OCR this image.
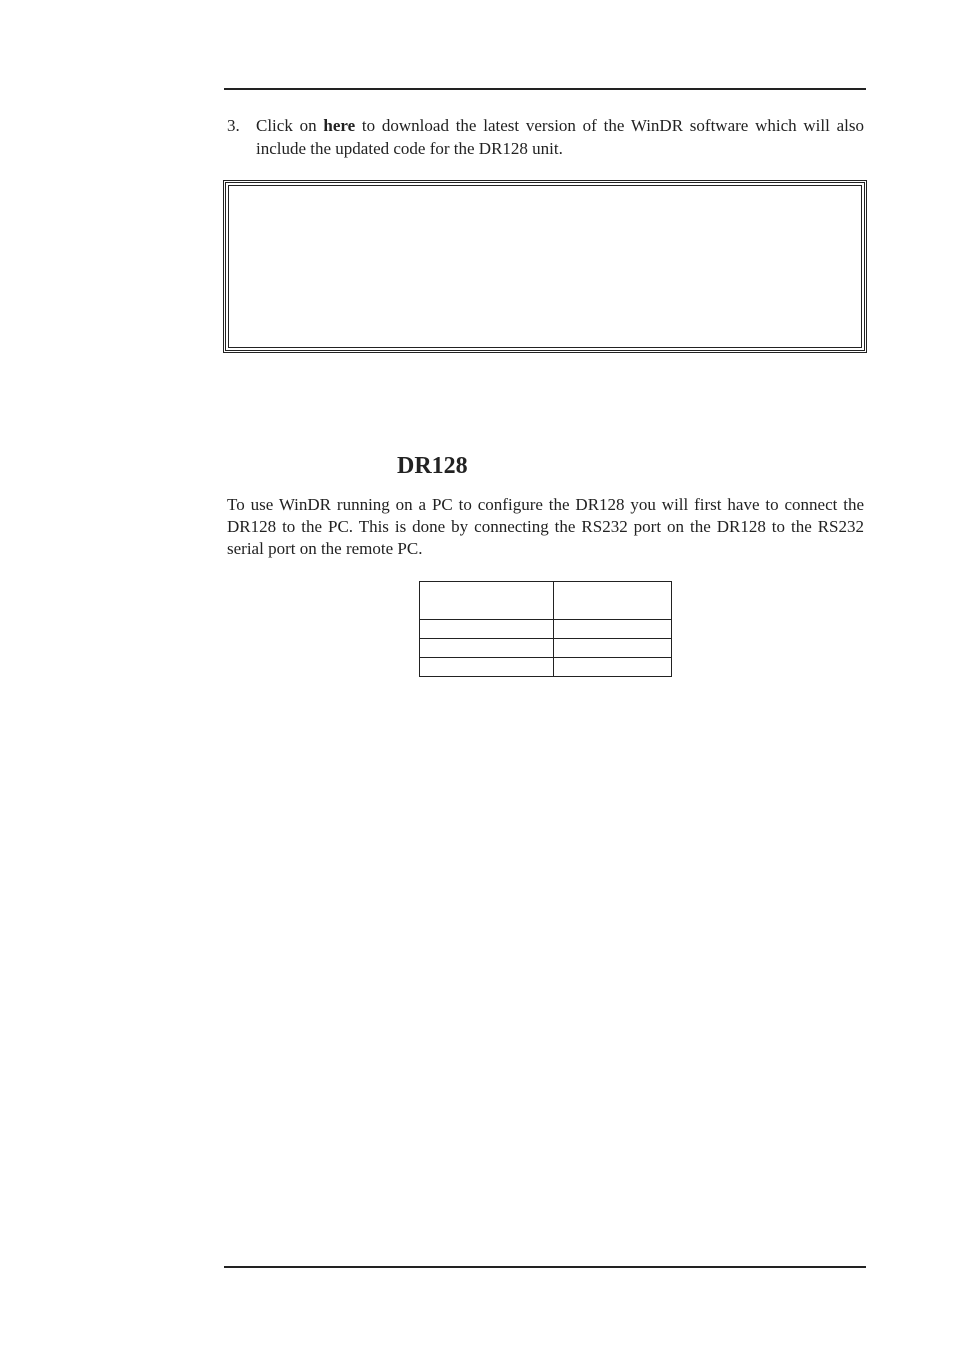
3. Click on here to download the latest version of the WinDR software which will also include the updated code for the DR128 unit.
DR128
To use WinDR running on a PC to configure the DR128 you will first have to connect the DR128 to the PC. This is done by connecting the RS232 port on the DR128 to the RS232 serial port on the remote PC.
